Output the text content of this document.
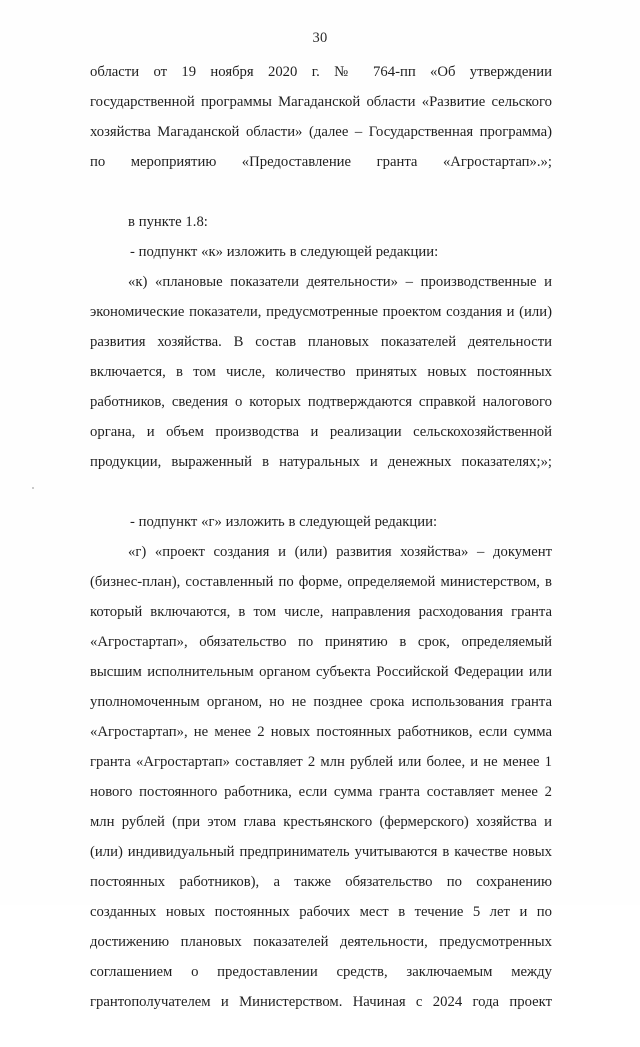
30

области от 19 ноября 2020 г. № 764-пп «Об утверждении государственной программы Магаданской области «Развитие сельского хозяйства Магаданской области» (далее – Государственная программа) по мероприятию «Предоставление гранта «Агростартап».»;

в пункте 1.8:

- подпункт «к» изложить в следующей редакции:

«к) «плановые показатели деятельности» – производственные и экономические показатели, предусмотренные проектом создания и (или) развития хозяйства. В состав плановых показателей деятельности включается, в том числе, количество принятых новых постоянных работников, сведения о которых подтверждаются справкой налогового органа, и объем производства и реализации сельскохозяйственной продукции, выраженный в натуральных и денежных показателях;»;

- подпункт «г» изложить в следующей редакции:

«г) «проект создания и (или) развития хозяйства» – документ (бизнес-план), составленный по форме, определяемой министерством, в который включаются, в том числе, направления расходования гранта «Агростартап», обязательство по принятию в срок, определяемый высшим исполнительным органом субъекта Российской Федерации или уполномоченным органом, но не позднее срока использования гранта «Агростартап», не менее 2 новых постоянных работников, если сумма гранта «Агростартап» составляет 2 млн рублей или более, и не менее 1 нового постоянного работника, если сумма гранта составляет менее 2 млн рублей (при этом глава крестьянского (фермерского) хозяйства и (или) индивидуальный предприниматель учитываются в качестве новых постоянных работников), а также обязательство по сохранению созданных новых постоянных рабочих мест в течение 5 лет и по достижению плановых показателей деятельности, предусмотренных соглашением о предоставлении средств, заключаемым между грантополучателем и Министерством. Начиная с 2024 года проект
